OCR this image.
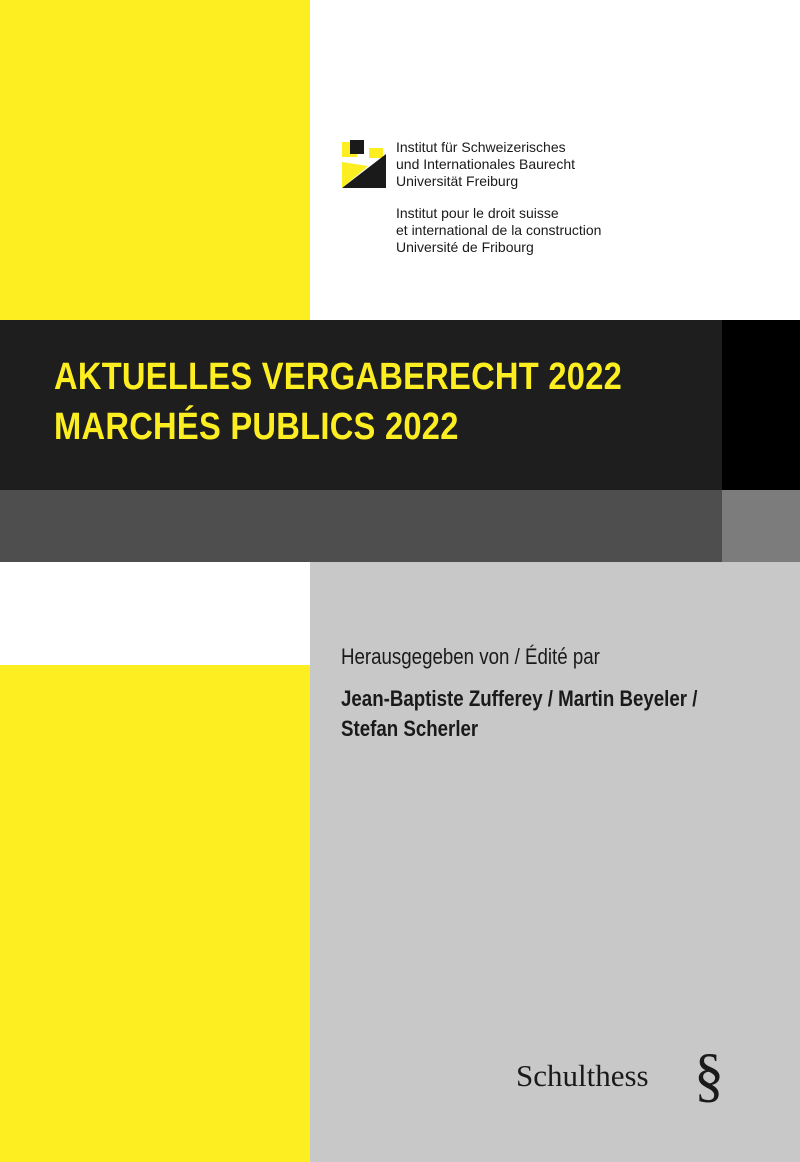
Institut für Schweizerisches
und Internationales Baurecht
Universität Freiburg
Institut pour le droit suisse
et international de la construction
Université de Fribourg
AKTUELLES VERGABERECHT 2022
MARCHÉS PUBLICS 2022
Herausgegeben von / Édité par
Jean-Baptiste Zufferey / Martin Beyeler /
Stefan Scherler
Schulthess §
